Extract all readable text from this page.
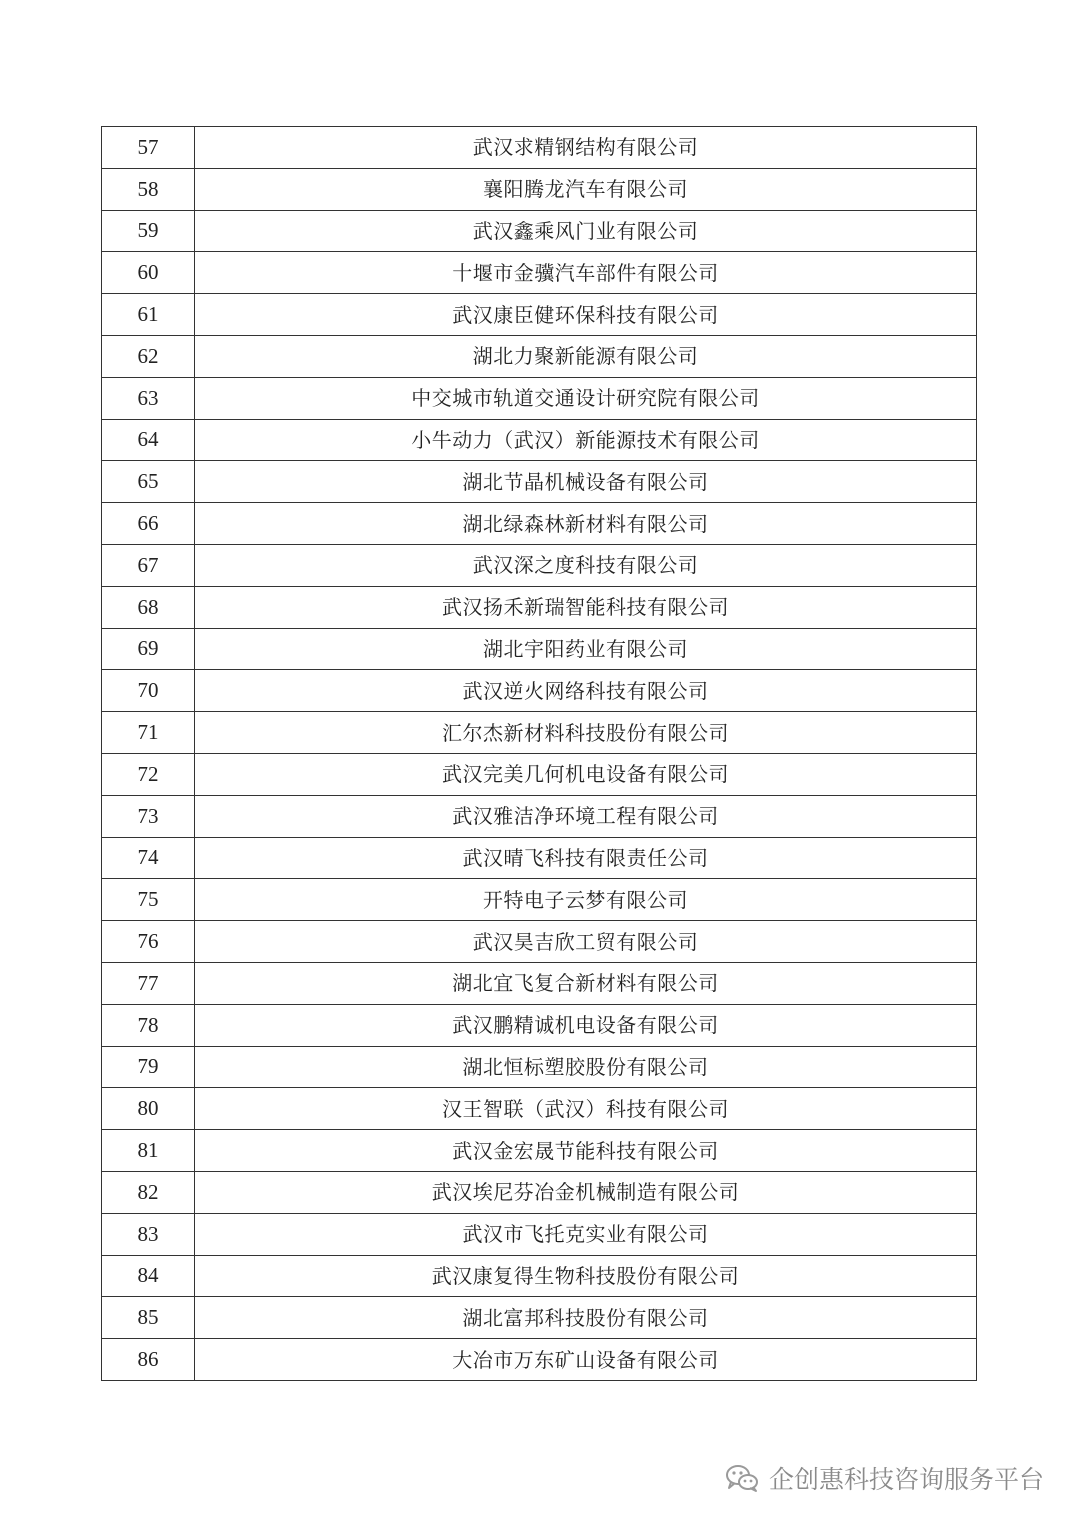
57	武汉求精钢结构有限公司
58	襄阳腾龙汽车有限公司
59	武汉鑫乘风门业有限公司
60	十堰市金骥汽车部件有限公司
61	武汉康臣健环保科技有限公司
62	湖北力聚新能源有限公司
63	中交城市轨道交通设计研究院有限公司
64	小牛动力（武汉）新能源技术有限公司
65	湖北节晶机械设备有限公司
66	湖北绿森林新材料有限公司
67	武汉深之度科技有限公司
68	武汉扬禾新瑞智能科技有限公司
69	湖北宇阳药业有限公司
70	武汉逆火网络科技有限公司
71	汇尔杰新材料科技股份有限公司
72	武汉完美几何机电设备有限公司
73	武汉雅洁净环境工程有限公司
74	武汉晴飞科技有限责任公司
75	开特电子云梦有限公司
76	武汉昊吉欣工贸有限公司
77	湖北宜飞复合新材料有限公司
78	武汉鹏精诚机电设备有限公司
79	湖北恒标塑胶股份有限公司
80	汉王智联（武汉）科技有限公司
81	武汉金宏晟节能科技有限公司
82	武汉埃尼芬冶金机械制造有限公司
83	武汉市飞托克实业有限公司
84	武汉康复得生物科技股份有限公司
85	湖北富邦科技股份有限公司
86	大冶市万东矿山设备有限公司
企创惠科技咨询服务平台
